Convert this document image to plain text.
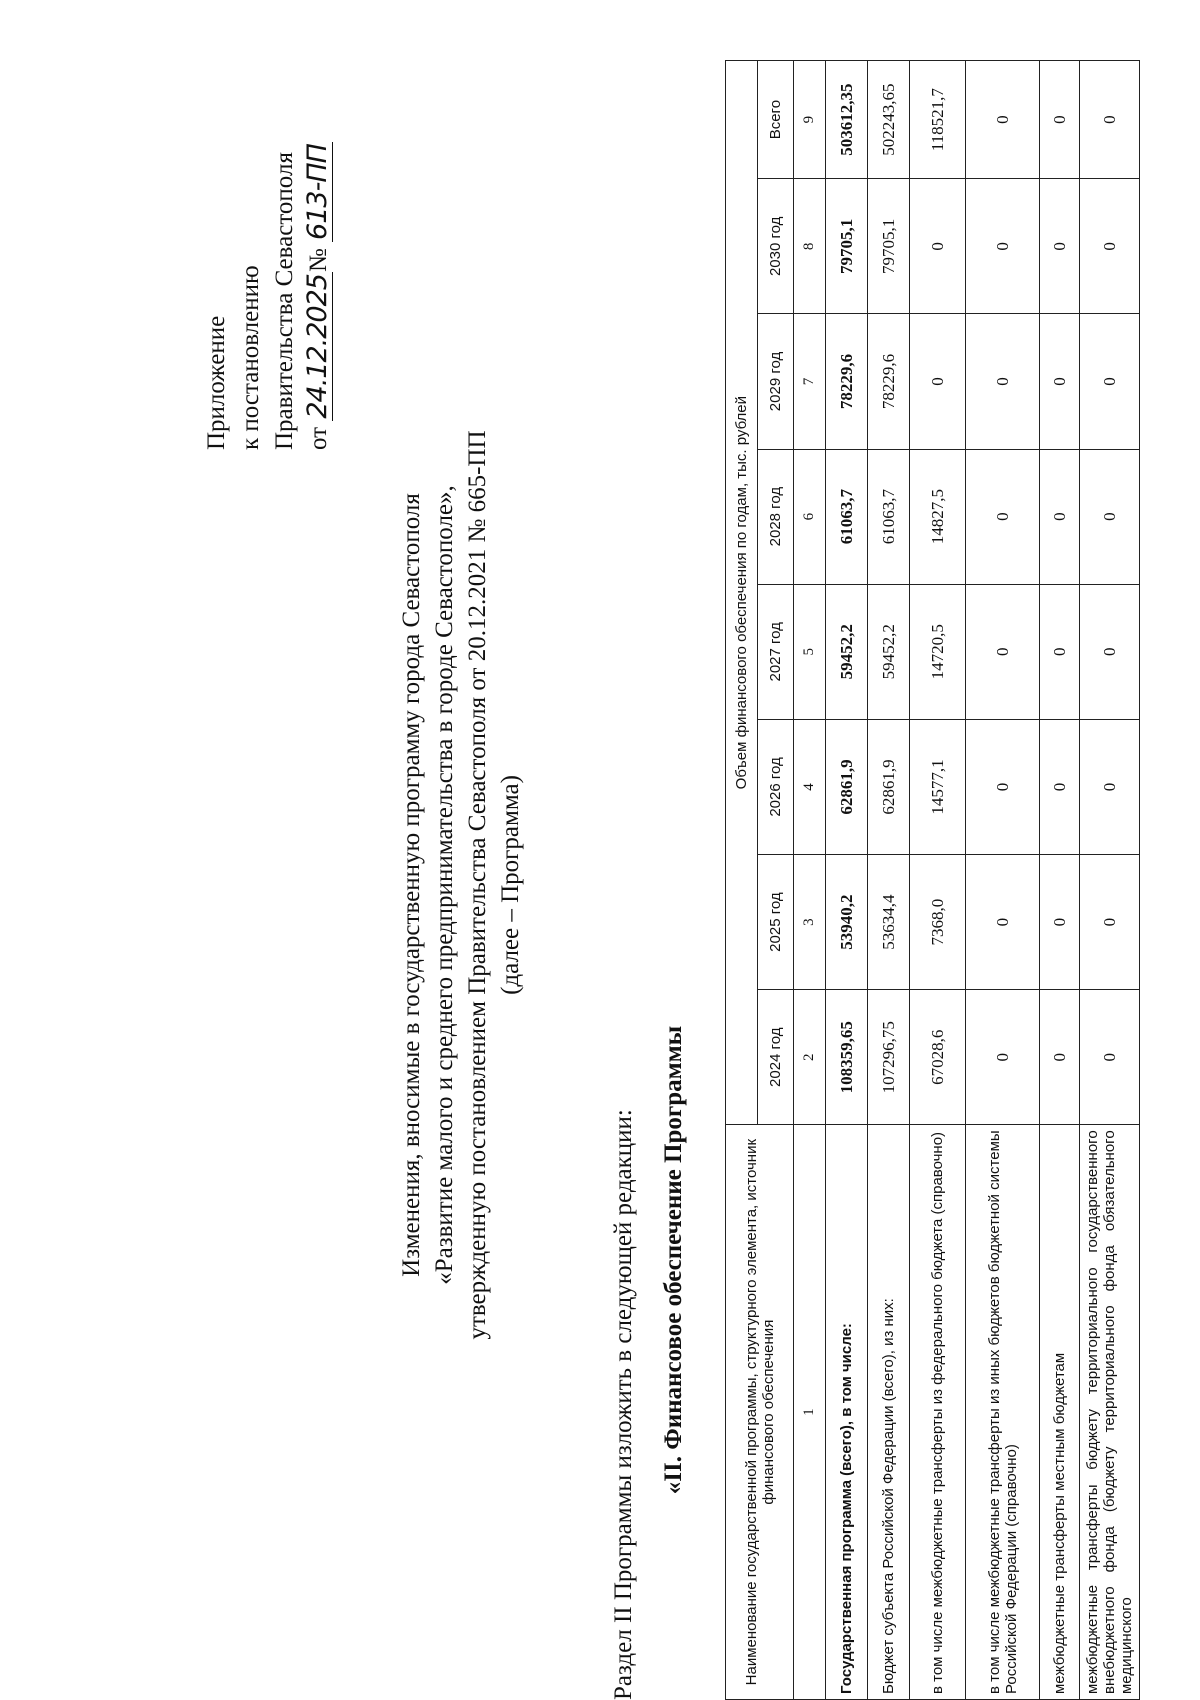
Приложение к постановлению Правительства Севастополя от 24.12.2025№ 613-ПП
Изменения, вносимые в государственную программу города Севастополя «Развитие малого и среднего предпринимательства в городе Севастополе», утвержденную постановлением Правительства Севастополя от 20.12.2021 № 665-ПП (далее – Программа)
Раздел II Программы изложить в следующей редакции: «II. Финансовое обеспечение Программы	Наименование государственной программы, структурного элемента, источник финансового обеспечения	Объем финансового обеспечения по годам, тыс. рублей							
	2024 год	2025 год	2026 год	2027 год	2028 год	2029 год	2030 год	Всего
1	2	3	4	5	6	7	8	9
Государственная программа (всего), в том числе:	108359,65	53940,2	62861,9	59452,2	61063,7	78229,6	79705,1	503612,35
Бюджет субъекта Российской Федерации (всего), из них:	107296,75	53634,4	62861,9	59452,2	61063,7	78229,6	79705,1	502243,65
в том числе межбюджетные трансферты из федерального бюджета (справочно)	67028,6	7368,0	14577,1	14720,5	14827,5	0	0	118521,7
в том числе межбюджетные трансферты из иных бюджетов бюджетной системы Российской Федерации (справочно)	0	0	0	0	0	0	0	0
межбюджетные трансферты местным бюджетам	0	0	0	0	0	0	0	0
межбюджетные трансферты бюджету территориального государственного внебюджетного фонда (бюджету территориального фонда обязательного медицинского	0	0	0	0	0	0	0	0
